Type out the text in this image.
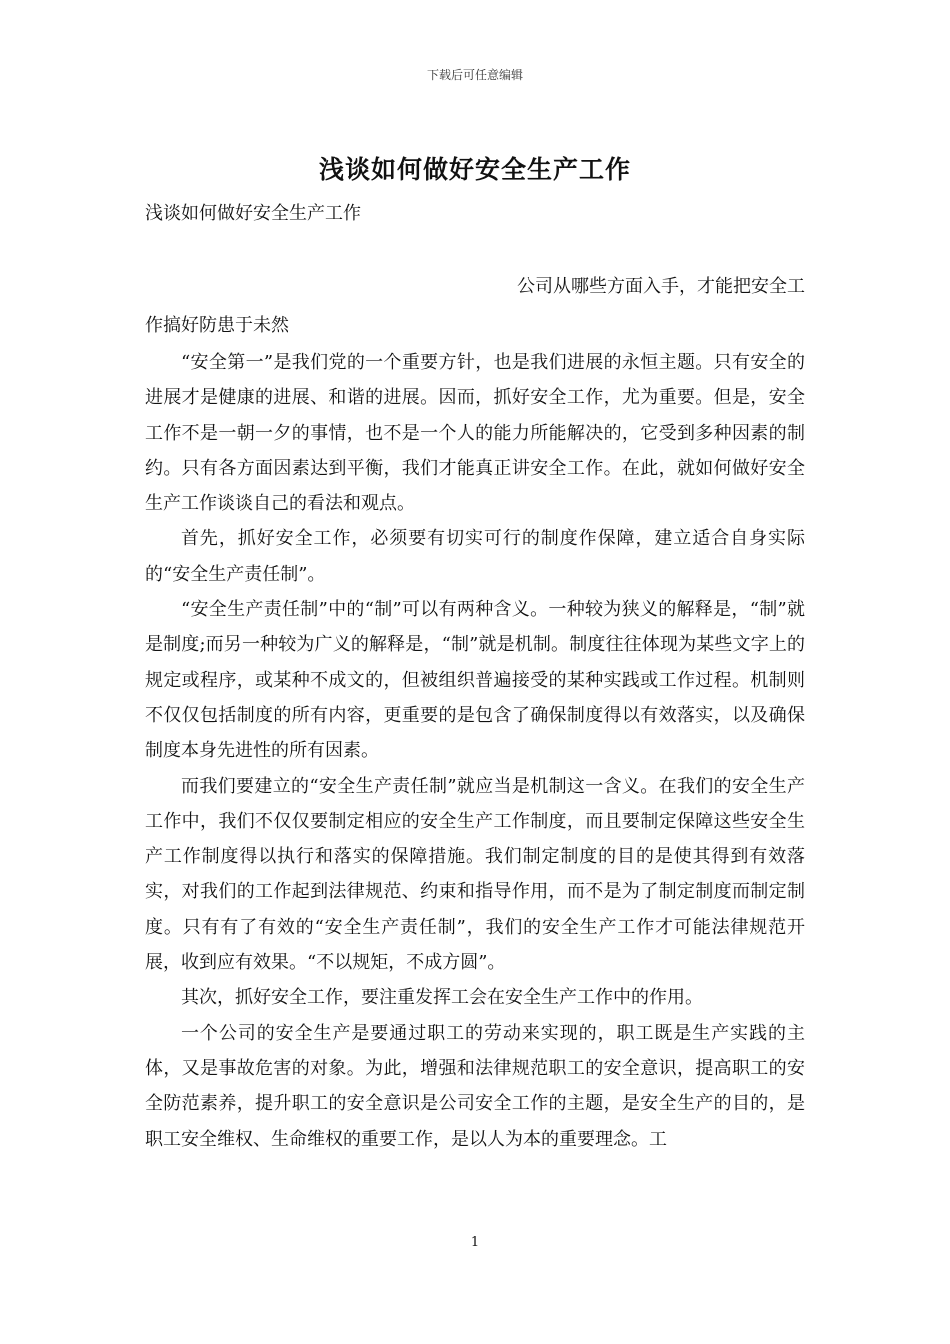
下载后可任意编辑
浅谈如何做好安全生产工作
浅谈如何做好安全生产工作
公司从哪些方面入手，才能把安全工
作搞好防患于未然

“安全第一”是我们党的一个重要方针，也是我们进展的永恒主题。只有安全的进展才是健康的进展、和谐的进展。因而，抓好安全工作，尤为重要。但是，安全工作不是一朝一夕的事情，也不是一个人的能力所能解决的，它受到多种因素的制约。只有各方面因素达到平衡，我们才能真正讲安全工作。在此，就如何做好安全生产工作谈谈自己的看法和观点。

首先，抓好安全工作，必须要有切实可行的制度作保障，建立适合自身实际的“安全生产责任制”。

“安全生产责任制”中的“制”可以有两种含义。一种较为狭义的解释是，“制”就是制度;而另一种较为广义的解释是，“制”就是机制。制度往往体现为某些文字上的规定或程序，或某种不成文的，但被组织普遍接受的某种实践或工作过程。机制则不仅仅包括制度的所有内容，更重要的是包含了确保制度得以有效落实，以及确保制度本身先进性的所有因素。

而我们要建立的“安全生产责任制”就应当是机制这一含义。在我们的安全生产工作中，我们不仅仅要制定相应的安全生产工作制度，而且要制定保障这些安全生产工作制度得以执行和落实的保障措施。我们制定制度的目的是使其得到有效落实，对我们的工作起到法律规范、约束和指导作用，而不是为了制定制度而制定制度。只有有了有效的“安全生产责任制”，我们的安全生产工作才可能法律规范开展，收到应有效果。“不以规矩，不成方圆”。

其次，抓好安全工作，要注重发挥工会在安全生产工作中的作用。

一个公司的安全生产是要通过职工的劳动来实现的，职工既是生产实践的主体，又是事故危害的对象。为此，增强和法律规范职工的安全意识，提高职工的安全防范素养，提升职工的安全意识是公司安全工作的主题，是安全生产的目的，是职工安全维权、生命维权的重要工作，是以人为本的重要理念。工

1
